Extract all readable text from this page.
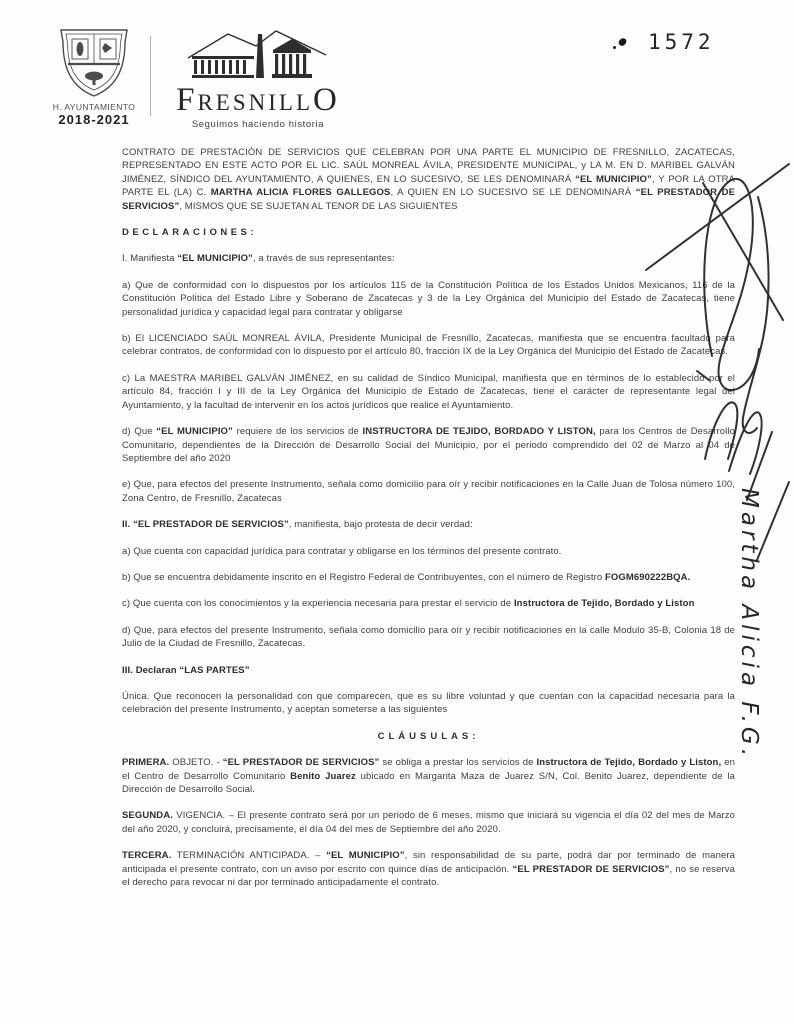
H. AYUNTAMIENTO
2018-2021
FRESNILLO
Seguimos haciendo historia
1572

CONTRATO DE PRESTACIÓN DE SERVICIOS QUE CELEBRAN POR UNA PARTE EL MUNICIPIO DE FRESNILLO, ZACATECAS, REPRESENTADO EN ESTE ACTO POR EL LIC. SAÚL MONREAL ÁVILA, PRESIDENTE MUNICIPAL, y LA M. EN D. MARIBEL GALVÁN JIMÉNEZ, SÍNDICO DEL AYUNTAMIENTO, A QUIENES, EN LO SUCESIVO, SE LES DENOMINARÁ “EL MUNICIPIO”, Y POR LA OTRA PARTE EL (LA) C. MARTHA ALICIA FLORES GALLEGOS, A QUIEN EN LO SUCESIVO SE LE DENOMINARÁ “EL PRESTADOR DE SERVICIOS”, MISMOS QUE SE SUJETAN AL TENOR DE LAS SIGUIENTES

DECLARACIONES:

I. Manifiesta “EL MUNICIPIO”, a través de sus representantes:

a) Que de conformidad con lo dispuestos por los artículos 115 de la Constitución Política de los Estados Unidos Mexicanos, 116 de la Constitución Política del Estado Libre y Soberano de Zacatecas y 3 de la Ley Orgánica del Municipio del Estado de Zacatecas, tiene personalidad jurídica y capacidad legal para contratar y obligarse

b) El LICENCIADO SAÚL MONREAL ÁVILA, Presidente Municipal de Fresnillo, Zacatecas, manifiesta que se encuentra facultado para celebrar contratos, de conformidad con lo dispuesto por el artículo 80, fracción IX de la Ley Orgánica del Municipio del Estado de Zacatecas.

c) La MAESTRA MARIBEL GALVÁN JIMÉNEZ, en su calidad de Síndico Municipal, manifiesta que en términos de lo establecido por el artículo 84, fracción I y III de la Ley Orgánica del Municipio de Estado de Zacatecas, tiene el carácter de representante legal del Ayuntamiento, y la facultad de intervenir en los actos jurídicos que realice el Ayuntamiento.

d) Que “EL MUNICIPIO” requiere de los servicios de INSTRUCTORA DE TEJIDO, BORDADO Y LISTON, para los Centros de Desarrollo Comunitario, dependientes de la Dirección de Desarrollo Social del Municipio, por el periodo comprendido del 02 de Marzo al 04 de Septiembre del año 2020

e) Que, para efectos del presente Instrumento, señala como domicilio para oír y recibir notificaciones en la Calle Juan de Tolosa número 100, Zona Centro, de Fresnillo, Zacatecas

II. “EL PRESTADOR DE SERVICIOS”, manifiesta, bajo protesta de decir verdad:

a) Que cuenta con capacidad jurídica para contratar y obligarse en los términos del presente contrato.

b) Que se encuentra debidamente inscrito en el Registro Federal de Contribuyentes, con el número de Registro FOGM690222BQA.

c) Que cuenta con los conocimientos y la experiencia necesaria para prestar el servicio de Instructora de Tejido, Bordado y Liston

d) Que, para efectos del presente Instrumento, señala como domicilio para oír y recibir notificaciones en la calle Modulo 35-B, Colonia 18 de Julio de la Ciudad de Fresnillo, Zacatecas.

III. Declaran “LAS PARTES”

Única. Que reconocen la personalidad con que comparecen, que es su libre voluntad y que cuentan con la capacidad necesaria para la celebración del presente Instrumento, y aceptan someterse a las siguientes

CLÁUSULAS:

PRIMERA. OBJETO. - “EL PRESTADOR DE SERVICIOS” se obliga a prestar los servicios de Instructora de Tejido, Bordado y Liston, en el Centro de Desarrollo Comunitario Benito Juarez ubicado en Margarita Maza de Juarez S/N, Col. Benito Juarez, dependiente de la Dirección de Desarrollo Social.

SEGUNDA. VIGENCIA. – El presente contrato será por un periodo de 6 meses, mismo que iniciará su vigencia el día 02 del mes de Marzo del año 2020, y concluirá, precisamente, el día 04 del mes de Septiembre del año 2020.

TERCERA. TERMINACIÓN ANTICIPADA. – “EL MUNICIPIO”, sin responsabilidad de su parte, podrá dar por terminado de manera anticipada el presente contrato, con un aviso por escrito con quince días de anticipación. “EL PRESTADOR DE SERVICIOS”, no se reserva el derecho para revocar ni dar por terminado anticipadamente el contrato.

Martha Alicia F.G.
